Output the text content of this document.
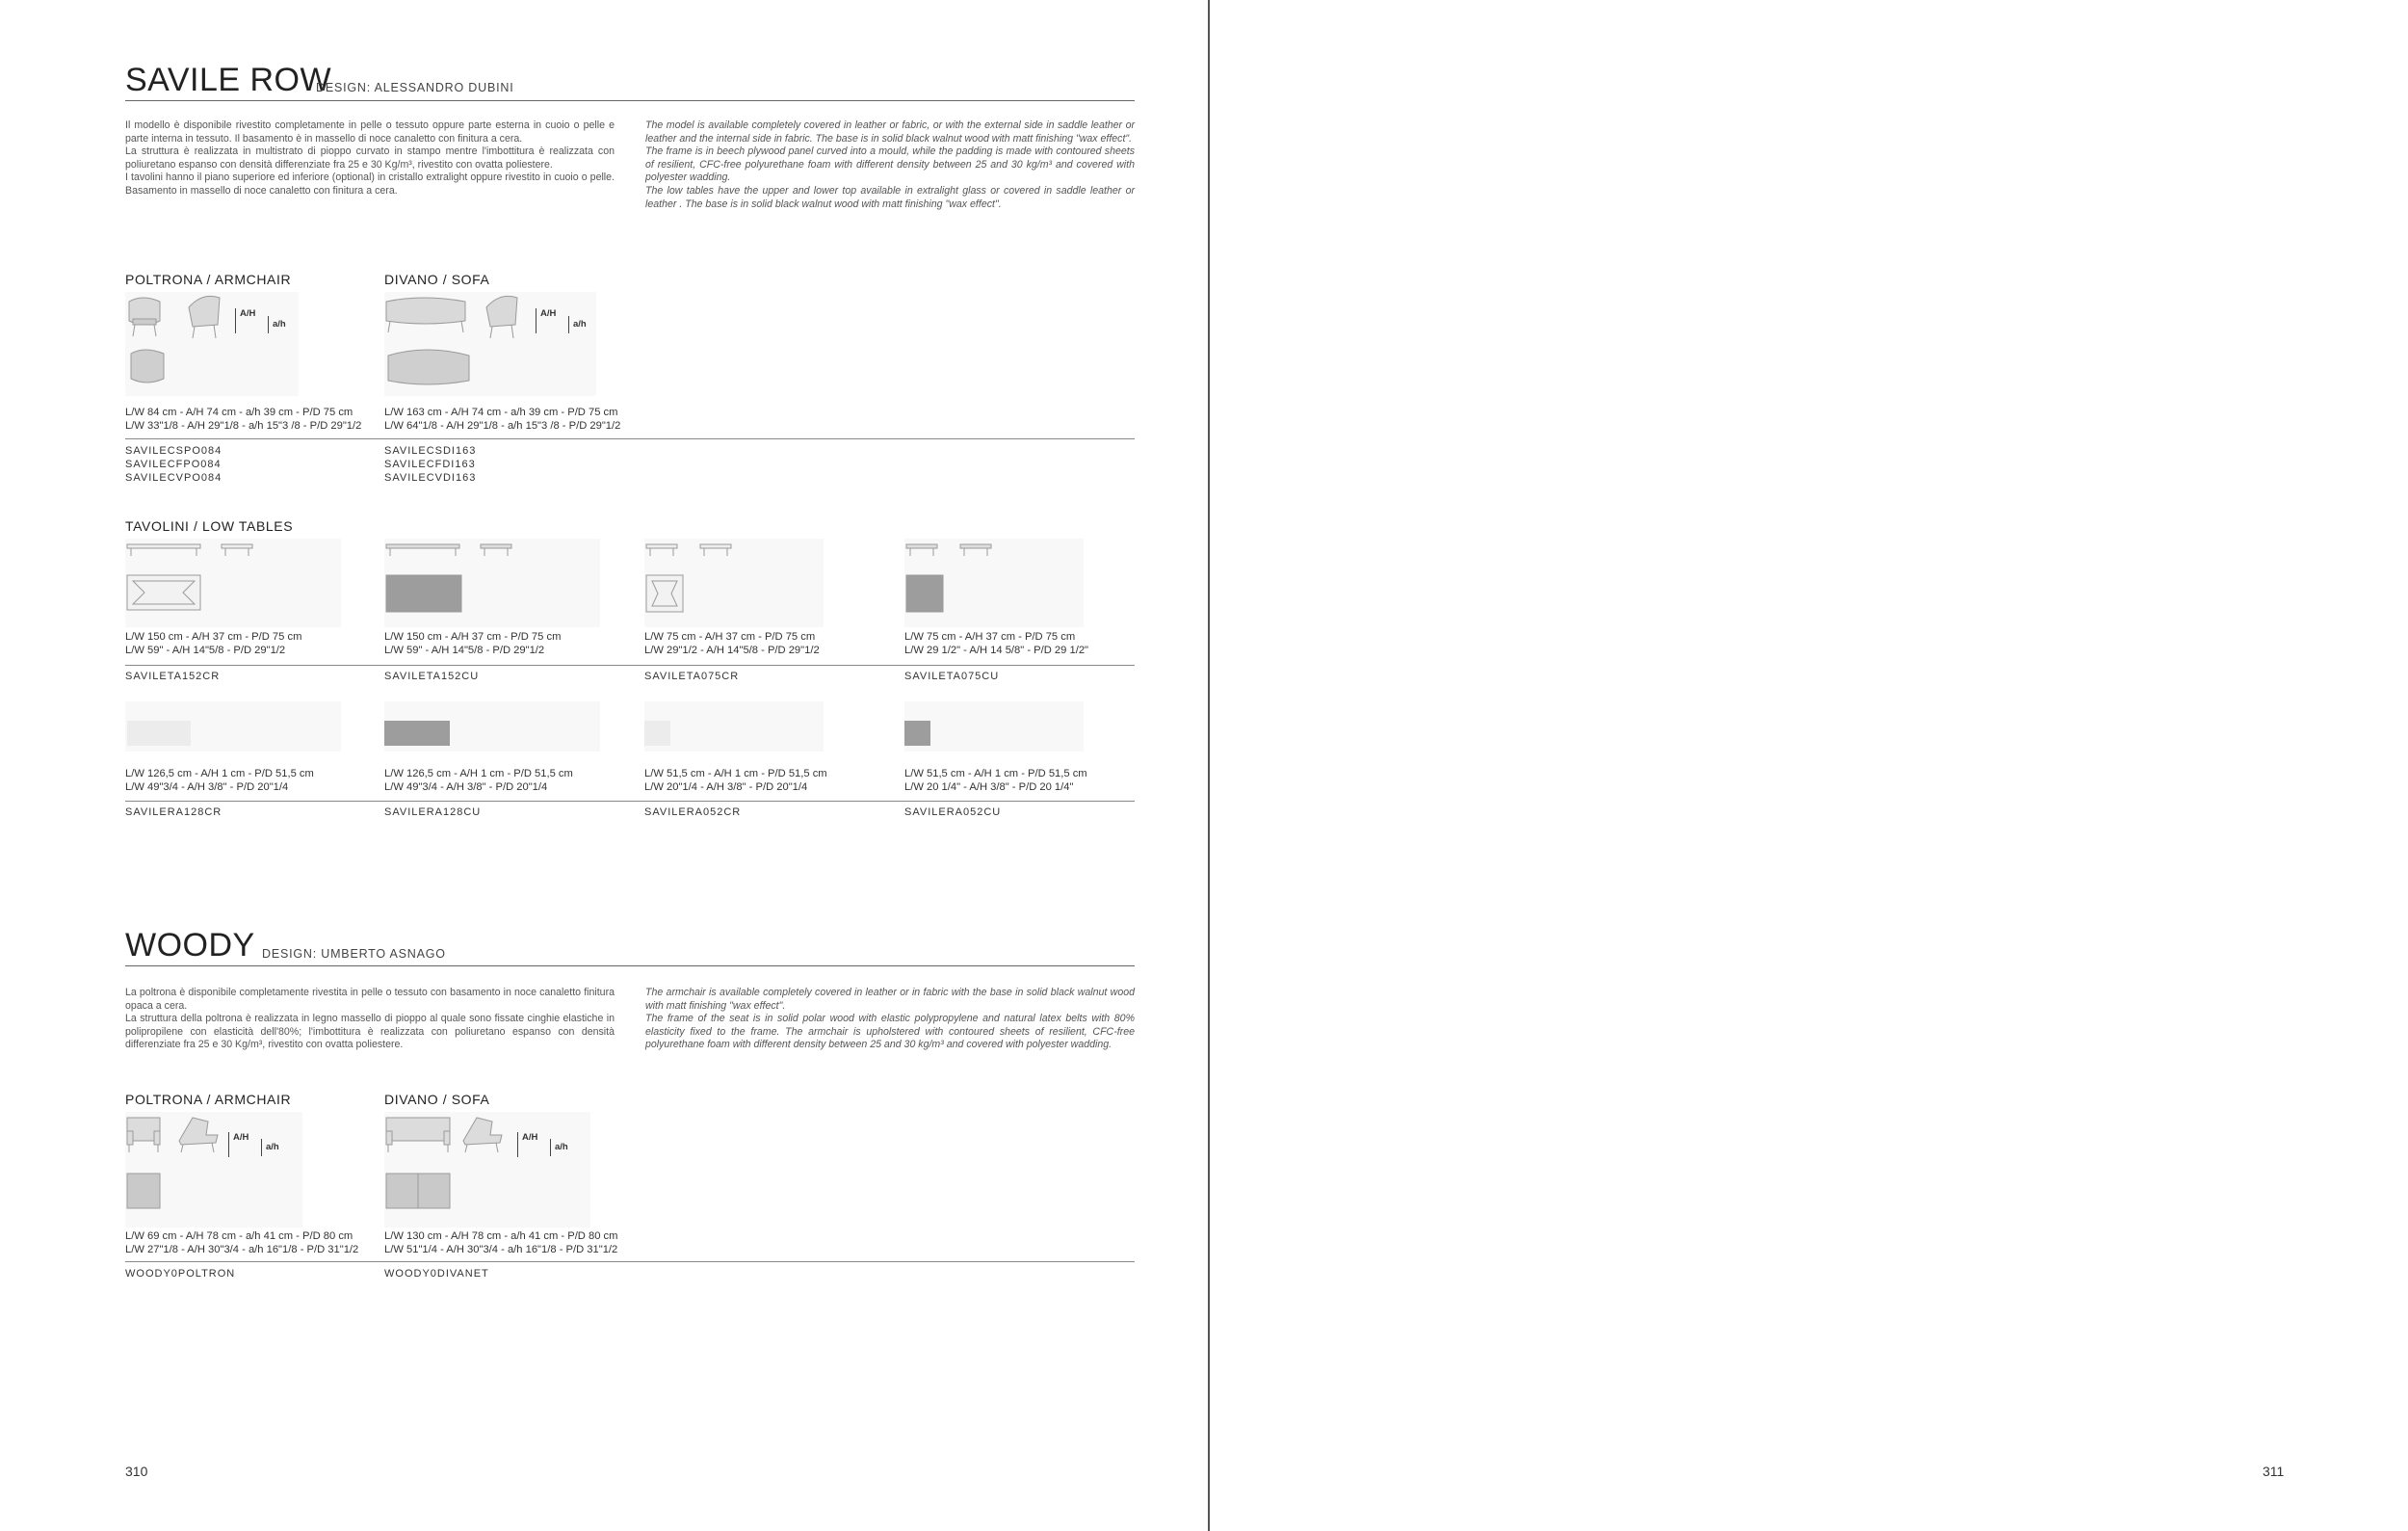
SAVILE ROW
DESIGN: ALESSANDRO DUBINI

Il modello è disponibile rivestito completamente in pelle o tessuto oppure parte esterna in cuoio o pelle e parte interna in tessuto. Il basamento è in massello di noce canaletto con finitura a cera.

La struttura è realizzata in multistrato di pioppo curvato in stampo mentre l'imbottitura è realizzata con poliuretano espanso con densità differenziate fra 25 e 30 Kg/m³, rivestito con ovatta poliestere.

I tavolini hanno il piano superiore ed inferiore (optional) in cristallo extralight oppure rivestito in cuoio o pelle. Basamento in massello di noce canaletto con finitura a cera.

The model is available completely covered in leather or fabric, or with the external side in saddle leather or leather and the internal side in fabric. The base is in solid black walnut wood with matt finishing "wax effect".

The frame is in beech plywood panel curved into a mould, while the padding is made with contoured sheets of resilient, CFC-free polyurethane foam with different density between 25 and 30 kg/m³ and covered with polyester wadding.

The low tables have the upper and lower top available in extralight glass or covered in saddle leather or leather . The base is in solid black walnut wood with matt finishing "wax effect".

POLTRONA / ARMCHAIR
A/H
a/h
L/W 84 cm - A/H 74 cm - a/h 39 cm - P/D 75 cm
L/W 33"1/8 - A/H 29"1/8 - a/h 15"3 /8 - P/D 29"1/2
SAVILECSPO084
SAVILECFPO084
SAVILECVPO084
DIVANO / SOFA
A/H
a/h
L/W 163 cm - A/H 74 cm - a/h 39 cm - P/D 75 cm
L/W 64"1/8 - A/H 29"1/8 - a/h 15"3 /8 - P/D 29"1/2
SAVILECSDI163
SAVILECFDI163
SAVILECVDI163
TAVOLINI / LOW TABLES
L/W 150 cm - A/H 37 cm - P/D 75 cm
L/W 59" - A/H 14"5/8 - P/D 29"1/2
SAVILETA152CR
L/W 150 cm - A/H 37 cm - P/D 75 cm
L/W 59" - A/H 14"5/8 - P/D 29"1/2
SAVILETA152CU
L/W 75 cm - A/H 37 cm - P/D 75 cm
L/W 29"1/2 - A/H 14"5/8 - P/D 29"1/2
SAVILETA075CR
L/W 75 cm - A/H 37 cm - P/D 75 cm
L/W 29 1/2" - A/H 14 5/8" - P/D 29 1/2"
SAVILETA075CU
L/W 126,5 cm - A/H 1 cm - P/D 51,5 cm
L/W 49"3/4 - A/H 3/8" - P/D 20"1/4
SAVILERA128CR
L/W 126,5 cm - A/H 1 cm - P/D 51,5 cm
L/W 49"3/4 - A/H 3/8" - P/D 20"1/4
SAVILERA128CU
L/W 51,5 cm - A/H 1 cm - P/D 51,5 cm
L/W 20"1/4 - A/H 3/8" - P/D 20"1/4
SAVILERA052CR
L/W 51,5 cm - A/H 1 cm - P/D 51,5 cm
L/W 20 1/4" - A/H 3/8" - P/D 20 1/4"
SAVILERA052CU
WOODY DESIGN: UMBERTO ASNAGO

La poltrona è disponibile completamente rivestita in pelle o tessuto con basamento in noce canaletto finitura opaca a cera.

La struttura della poltrona è realizzata in legno massello di pioppo al quale sono fissate cinghie elastiche in polipropilene con elasticità dell'80%; l'imbottitura è realizzata con poliuretano espanso con densità differenziate fra 25 e 30 Kg/m³, rivestito con ovatta poliestere.

The armchair is available completely covered in leather or in fabric with the base in solid black walnut wood with matt finishing "wax effect".

The frame of the seat is in solid polar wood with elastic polypropylene and natural latex belts with 80% elasticity fixed to the frame. The armchair is upholstered with contoured sheets of resilient, CFC-free polyurethane foam with different density between 25 and 30 kg/m³ and covered with polyester wadding.

POLTRONA / ARMCHAIR
A/H
a/h
L/W 69 cm - A/H 78 cm - a/h 41 cm - P/D 80 cm
L/W 27"1/8 - A/H 30"3/4 - a/h 16"1/8 - P/D 31"1/2
WOODY0POLTRON
DIVANO / SOFA
A/H
a/h
L/W 130 cm - A/H 78 cm - a/h 41 cm - P/D 80 cm
L/W 51"1/4 - A/H 30"3/4 - a/h 16"1/8 - P/D 31"1/2
WOODY0DIVANET
310	311
